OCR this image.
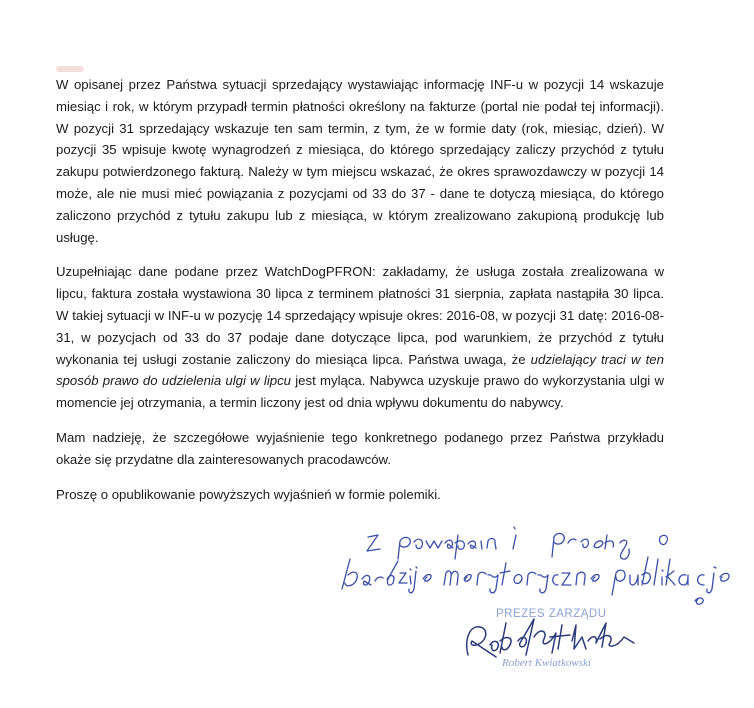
W opisanej przez Państwa sytuacji sprzedający wystawiając informację INF-u w pozycji 14 wskazuje miesiąc i rok, w którym przypadł termin płatności określony na fakturze (portal nie podał tej informacji). W pozycji 31 sprzedający wskazuje ten sam termin, z tym, że w formie daty (rok, miesiąc, dzień). W pozycji 35 wpisuje kwotę wynagrodzeń z miesiąca, do którego sprzedający zaliczy przychód z tytułu zakupu potwierdzonego fakturą. Należy w tym miejscu wskazać, że okres sprawozdawczy w pozycji 14 może, ale nie musi mieć powiązania z pozycjami od 33 do 37 - dane te dotyczą miesiąca, do którego zaliczono przychód z tytułu zakupu lub z miesiąca, w którym zrealizowano zakupioną produkcję lub usługę.

Uzupełniając dane podane przez WatchDogPFRON: zakładamy, że usługa została zrealizowana w lipcu, faktura została wystawiona 30 lipca z terminem płatności 31 sierpnia, zapłata nastąpiła 30 lipca. W takiej sytuacji w INF-u w pozycję 14 sprzedający wpisuje okres: 2016-08, w pozycji 31 datę: 2016-08-31, w pozycjach od 33 do 37 podaje dane dotyczące lipca, pod warunkiem, że przychód z tytułu wykonania tej usługi zostanie zaliczony do miesiąca lipca. Państwa uwaga, że udzielający traci w ten sposób prawo do udzielenia ulgi w lipcu jest myląca. Nabywca uzyskuje prawo do wykorzystania ulgi w momencie jej otrzymania, a termin liczony jest od dnia wpływu dokumentu do nabywcy.

Mam nadzieję, że szczegółowe wyjaśnienie tego konkretnego podanego przez Państwa przykładu okaże się przydatne dla zainteresowanych pracodawców.

Proszę o opublikowanie powyższych wyjaśnień w formie polemiki.

PREZES ZARZĄDU
Robert Kwiatkowski
